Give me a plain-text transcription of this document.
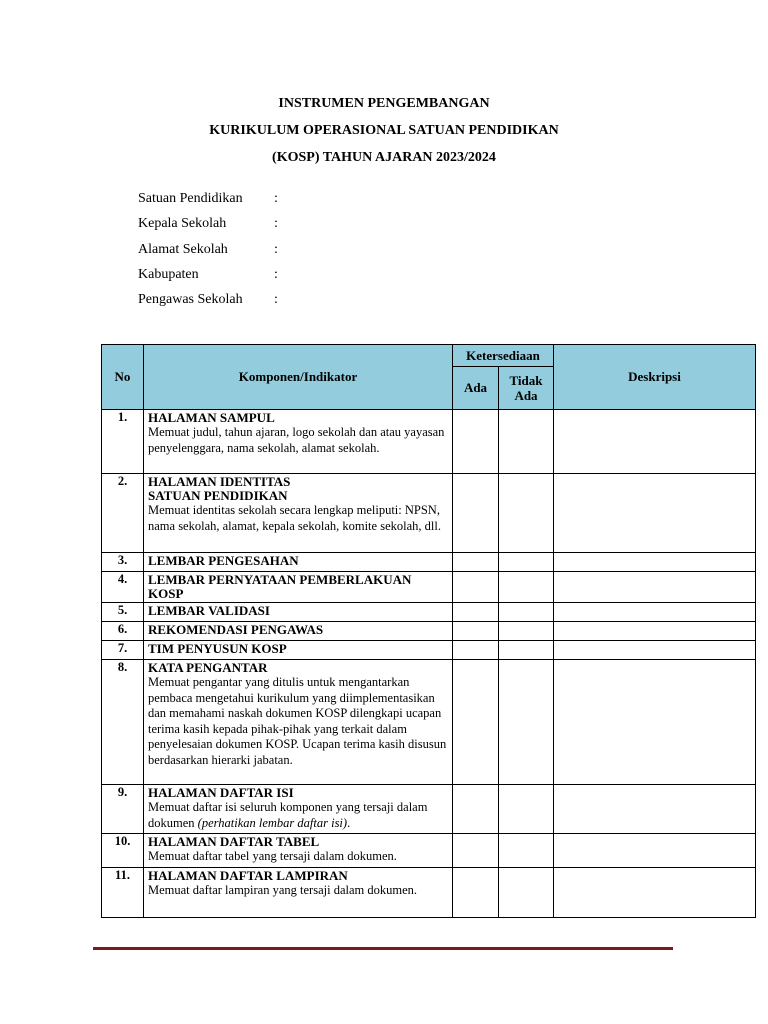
INSTRUMEN PENGEMBANGAN
KURIKULUM OPERASIONAL SATUAN PENDIDIKAN
(KOSP) TAHUN AJARAN 2023/2024
Satuan Pendidikan :
Kepala Sekolah	:
Alamat Sekolah	:
Kabupaten	:
Pengawas Sekolah :
No	Komponen/Indikator	Ketersediaan		Deskripsi
		Ada	Tidak Ada	
1.	HALAMAN SAMPUL
Memuat judul, tahun ajaran, logo sekolah dan atau yayasan penyelenggara, nama sekolah, alamat sekolah.			

2.	HALAMAN IDENTITAS SATUAN PENDIDIKAN
Memuat identitas sekolah secara lengkap meliputi: NPSN, nama sekolah, alamat, kepala sekolah, komite sekolah, dll.			

3.	LEMBAR PENGESAHAN			

4.	LEMBAR PERNYATAAN PEMBERLAKUAN KOSP			

5.	LEMBAR VALIDASI			

6.	REKOMENDASI PENGAWAS			

7.	TIM PENYUSUN KOSP			

8.	KATA PENGANTAR
Memuat pengantar yang ditulis untuk mengantarkan pembaca mengetahui kurikulum yang diimplementasikan dan memahami naskah dokumen KOSP dilengkapi ucapan terima kasih kepada pihak-pihak yang terkait dalam penyelesaian dokumen KOSP. Ucapan terima kasih disusun berdasarkan hierarki jabatan.			

9.	HALAMAN DAFTAR ISI
Memuat daftar isi seluruh komponen yang tersaji dalam dokumen (perhatikan lembar daftar isi).			

10.	HALAMAN DAFTAR TABEL
Memuat daftar tabel yang tersaji dalam dokumen.			

11.	HALAMAN DAFTAR LAMPIRAN
Memuat daftar lampiran yang tersaji dalam dokumen.			
